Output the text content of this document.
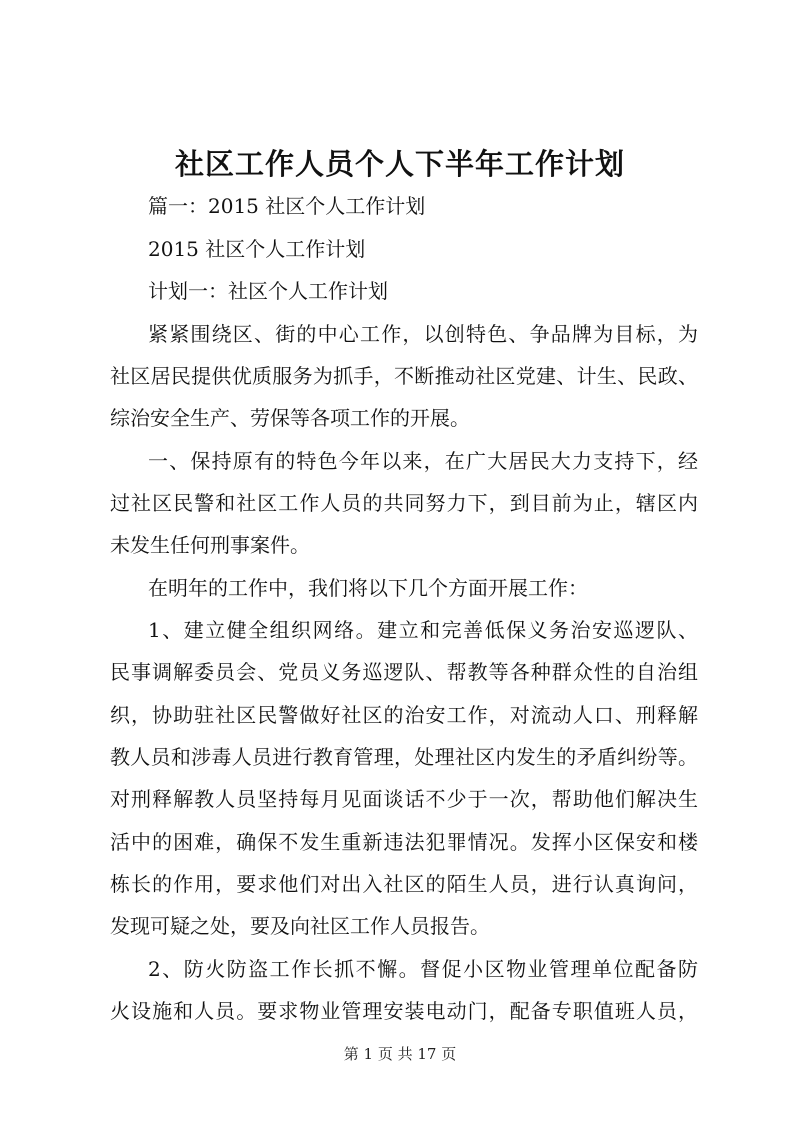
社区工作人员个人下半年工作计划

篇一：2015 社区个人工作计划

2015 社区个人工作计划

计划一：社区个人工作计划

紧紧围绕区、街的中心工作，以创特色、争品牌为目标，为

社区居民提供优质服务为抓手，不断推动社区党建、计生、民政、

综治安全生产、劳保等各项工作的开展。

一、保持原有的特色今年以来，在广大居民大力支持下，经

过社区民警和社区工作人员的共同努力下，到目前为止，辖区内

未发生任何刑事案件。

在明年的工作中，我们将以下几个方面开展工作：

1、建立健全组织网络。建立和完善低保义务治安巡逻队、

民事调解委员会、党员义务巡逻队、帮教等各种群众性的自治组

织，协助驻社区民警做好社区的治安工作，对流动人口、刑释解

教人员和涉毒人员进行教育管理，处理社区内发生的矛盾纠纷等。

对刑释解教人员坚持每月见面谈话不少于一次，帮助他们解决生

活中的困难，确保不发生重新违法犯罪情况。发挥小区保安和楼

栋长的作用，要求他们对出入社区的陌生人员，进行认真询问，

发现可疑之处，要及向社区工作人员报告。

2、防火防盗工作长抓不懈。督促小区物业管理单位配备防

火设施和人员。要求物业管理安装电动门，配备专职值班人员，

第 1 页 共 17 页
